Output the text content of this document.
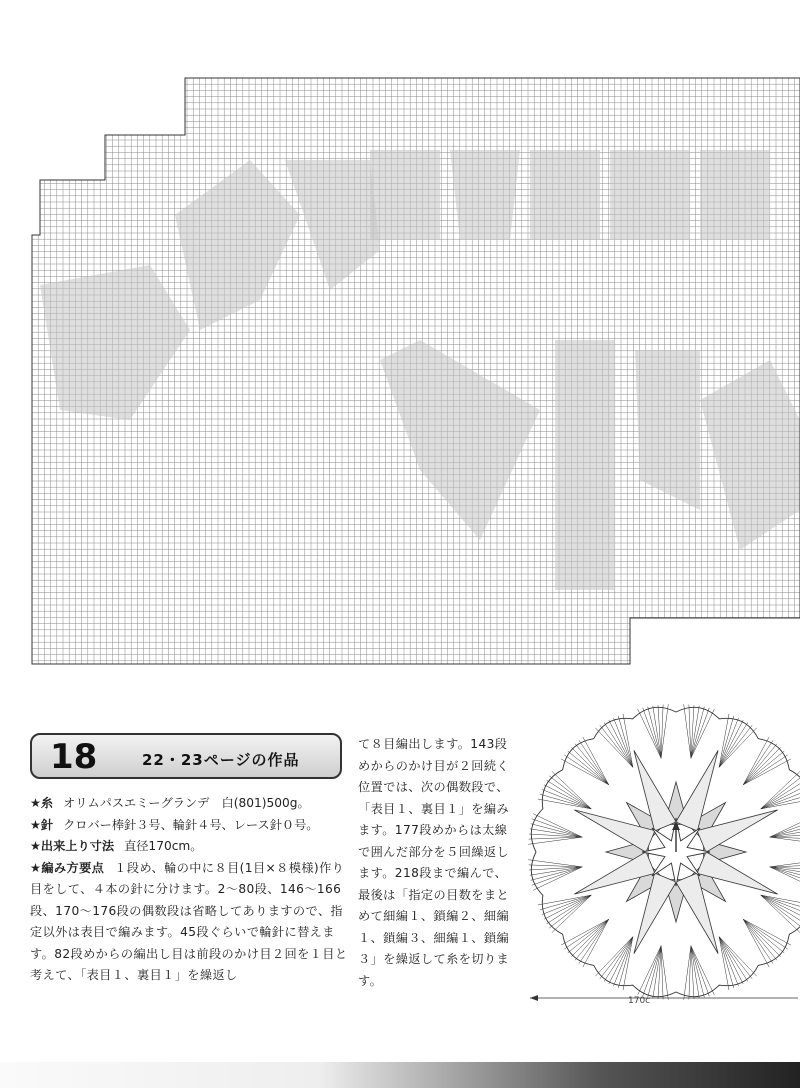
18	22・23ページの作品
★糸 オリムパスエミーグランデ　白(801)500g。
★針 クロバー棒針３号、輪針４号、レース針０号。
★出来上り寸法 直径170cm。
★編み方要点 １段め、輪の中に８目(1目×８模様)作り目をして、４本の針に分けます。2～80段、146～166段、170～176段の偶数段は省略してありますので、指定以外は表目で編みます。45段ぐらいで輪針に替えます。82段めからの編出し目は前段のかけ目２回を１目と考えて、「表目１、裏目１」を繰返し
て８目編出します。143段めからのかけ目が２回続く位置では、次の偶数段で、「表目１、裏目１」を編みます。177段めからは太線で囲んだ部分を５回繰返します。218段まで編んで、最後は「指定の目数をまとめて細編１、鎖編２、細編１、鎖編３、細編１、鎖編３」を繰返して糸を切ります。
170c
